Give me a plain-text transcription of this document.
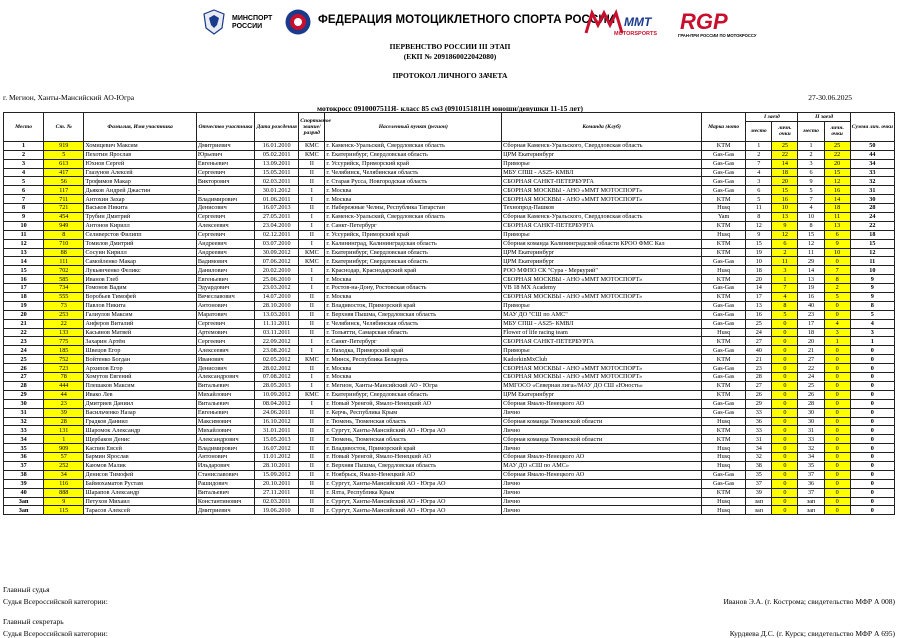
МИНСПОРТ
РОССИИ
ФЕДЕРАЦИЯ МОТОЦИКЛЕТНОГО СПОРТА РОССИИ MMT
MOTORSPORTS RGP
ГРАН-ПРИ РОССИИ ПО МОТОКРОССУ
ПЕРВЕНСТВО РОССИИ III ЭТАП
(ЕКП № 2091860022042080)
ПРОТОКОЛ ЛИЧНОГО ЗАЧЕТА
г. Мегион, Ханты-Мансийский АО-Югра	27-30.06.2025
мотокросс 0910007511Я- класс 85 см3 (0910151811Н юноши/девушки 11-15 лет)
Место	Ст. №	Фамилия, Имя участника	Отчество участника	Дата рождения	Спортивное звание/разряд	Населенный пункт (регион)	Команда (Клуб)	Марка мото	I заезд		II заезд		Сумма лич. очки
									место	личн. очки	место	личн. очки	
1	919	Хомицевич Максим	Дмитриевич	16.01.2010	КМС	г. Каменск-Уральский, Свердловская область	Сборная Каменск-Уральского, Свердловская область	KTM	1	25	1	25	50
2	5	Пехотин Ярослав	Юрьевич	05.02.2011	КМС	г. Екатеринбург, Свердловская область	ЦРМ Екатеринбург	Gas-Gas	2	22	2	22	44
3	613	Юхнов Сергей	Евгеньевич	13.09.2011	II	г. Уссурийск, Приморский край	Приморье	Gas-Gas	7	14	3	20	34
4	417	Глазунов Алексей	Сергеевич	15.05.2011	II	г. Челябинск, Челябинская область	МБУ СПШ - AS25- КМВЛ	Gas-Gas	4	18	6	15	33
5	56	Трофимов Макар	Викторович	02.03.2011	II	г. Старая Русса, Новгородская область	СБОРНАЯ САНКТ-ПЕТЕРБУРГА	Gas-Gas	3	20	9	12	32
6	117	Дьяков Андрей Джастин	-	30.01.2012	I	г. Москва	СБОРНАЯ МОСКВЫ - АНО «ММТ МОТОСПОРТ»	Gas-Gas	6	15	5	16	31
7	711	Антохин Захар	Владимирович	01.06.2011	I	г. Москва	СБОРНАЯ МОСКВЫ - АНО «ММТ МОТОСПОРТ»	KTM	5	16	7	14	30
8	721	Васьков Никита	Денисович	16.07.2013	II	г. Набережные Челны, Республика Татарстан	Технопрод-Пашков	Husq	11	10	4	18	28
9	454	Трубин Дмитрий	Сергеевич	27.05.2011	I	г. Каменск-Уральский, Свердловская область	Сборная Каменск-Уральского, Свердловская область	Yam	8	13	10	11	24
10	949	Антонов Кирилл	Алексеевич	23.04.2010	I	г. Санкт-Петербург	СБОРНАЯ САНКТ-ПЕТЕРБУРГА	KTM	12	9	8	13	22
11	8	Селиверстов Филипп	Сергеевич	02.12.2011	II	г. Уссурийск, Приморский край	Приморье	Husq	9	12	15	6	18
12	710	Томилов Дмитрий	Андреевич	03.07.2010	I	г. Калининград, Калининградская область	Сборная команда Калининградской области КРОО ФМС Кал	KTM	15	6	12	9	15
13	88	Сосуин Кирилл	Андреевич	30.09.2012	КМС	г. Екатеринбург, Свердловская область	ЦРМ Екатеринбург	KTM	19	2	11	10	12
14	111	Самойленко Макар	Вадимович	07.06.2012	КМС	г. Екатеринбург, Свердловская область	ЦРМ Екатеринбург	Gas-Gas	10	11	29	0	11
15	702	Лукьянченко Феликс	Данилович	20.02.2010	I	г. Краснодар, Краснодарский край	РОО МФПО СК "Сура - Меркурий"	Husq	18	3	14	7	10
16	585	Иванов Глеб	Евгеньевич	25.06.2010	I	г. Москва	СБОРНАЯ МОСКВЫ - АНО «ММТ МОТОСПОРТ»	KTM	20	1	13	8	9
17	734	Гомонов Вадим	Эдуардович	23.03.2012	I	г. Ростов-на-Дону, Ростовская область	VB 18 MX Academy	Gas-Gas	14	7	19	2	9
18	555	Воробьев Тимофей	Вячеславович	14.07.2010	II	г. Москва	СБОРНАЯ МОСКВЫ - АНО «ММТ МОТОСПОРТ»	KTM	17	4	16	5	9
19	73	Павлов Никита	Антонович	28.10.2010	II	г. Владивосток, Приморский край	Приморье	Gas-Gas	13	8	40	0	8
20	253	Галиулов Максим	Маратович	13.03.2011	II	г. Верхняя Пышма, Свердловская область	МАУ ДО "СШ по АМС"	Gas-Gas	16	5	23	0	5
21	22	Анферов Виталий	Сергеевич	11.11.2011	II	г. Челябинск, Челябинская область	МБУ СПШ - AS25- КМВЛ	Gas-Gas	25	0	17	4	4
22	133	Касьянов Матвей	Артемович	03.11.2011	II	г. Тольятти, Самарская область	Flower of life racing team	Husq	24	0	18	3	3
23	775	Захарин Артём	Сергеевич	22.09.2012	I	г. Санкт-Петербург	СБОРНАЯ САНКТ-ПЕТЕРБУРГА	KTM	27	0	20	1	1
24	185	Швецов Егор	Алексеевич	23.08.2012	I	г. Находка, Приморский край	Приморье	Gas-Gas	40	0	21	0	0
25	752	Войтенко Богдан	Иванович	02.05.2012	КМС	г. Минск, Республика Беларусь	KadorkinMxClub	KTM	21	0	27	0	0
26	723	Архипов Егор	Денисович	28.02.2012	II	г. Москва	СБОРНАЯ МОСКВЫ - АНО «ММТ МОТОСПОРТ»	Gas-Gas	23	0	22	0	0
27	78	Хомутов Евгений	Александрович	07.08.2012	I	г. Москва	СБОРНАЯ МОСКВЫ - АНО «ММТ МОТОСПОРТ»	Gas-Gas	28	0	24	0	0
28	444	Плешаков Максим	Витальевич	28.05.2013	I	г. Мегион, Ханты-Мансийский АО - Югра	ММГОСО «Северная лига»/МАУ ДО СШ «Юность»	KTM	27	0	25	0	0
29	44	Ивако Лев	Михайлович	10.09.2012	КМС	г. Екатеринбург, Свердловская область	ЦРМ Екатеринбург	KTM	26	0	26	0	0
30	23	Дмитриев Даниил	Витальевич	08.04.2012	I	г. Новый Уренгой, Ямало-Ненецкий АО	Сборная Ямало-Ненецкого АО	Gas-Gas	29	0	28	0	0
31	39	Васильченко Назар	Евгеньевич	24.06.2011	II	г. Керчь, Республика Крым	Лично	Gas-Gas	33	0	30	0	0
32	28	Градков Даниил	Максимович	16.10.2012	II	г. Тюмень, Тюменская область	Сборная команда Тюменской области	Husq	36	0	30	0	0
33	131	Шаромок Александр	Михайлович	31.01.2011	II	г. Сургут, Ханты-Мансийский АО - Югра АО	Лично	KTM	33	0	31	0	0
34	1	Щербаков Денис	Александрович	15.05.2013	II	г. Тюмень, Тюменская область	Сборная команда Тюменской области	KTM	31	0	33	0	0
35	909	Каспин Евсей	Владимирович	16.07.2012	II	г. Владивосток, Приморский край	Лично	Husq	34	0	32	0	0
36	57	Бармин Ярослав	Антонович	11.01.2012	II	г. Новый Уренгой, Ямало-Ненецкий АО	Сборная Ямало-Ненецкого АО	Husq	32	0	34	0	0
37	252	Каюмов Малик	Ильдарович	28.10.2011	II	г. Верхняя Пышма, Свердловская область	МАУ ДО «СШ по АМС»	Husq	38	0	35	0	0
38	34	Денисов Тимофей	Станиславович	15.09.2012	II	г. Ноябрьск, Ямало-Ненецкий АО	Сборная Ямало-Ненецкого АО	Gas-Gas	35	0	37	0	0
39	116	Баймохаматов Рустам	Рашидович	20.10.2011	II	г. Сургут, Ханты-Мансийский АО - Югра АО	Лично	Gas-Gas	37	0	36	0	0
40	888	Шарапов Александр	Витальевич	27.11.2011	II	г. Ялта, Республика Крым	Лично	KTM	39	0	37	0	0
Зап	9	Петухов Михаил	Константинович	02.03.2011	II	г. Сургут, Ханты-Мансийский АО - Югра АО	Лично	Husq	зап	0	зап	0	0
Зап	115	Тарасов Алексей	Дмитриевич	19.06.2010	II	г. Сургут, Ханты-Мансийский АО - Югра АО	Лично	Husq	зап	0	зап	0	0
Главный судья
Судья Всероссийской категории:	Иванов Э.А. (г. Кострома; свидетельство МФР А 008)
Главный секретарь
Судья Всероссийской категории:	Курдяева Д.С. (г. Курск; свидетельство МФР А 695)
